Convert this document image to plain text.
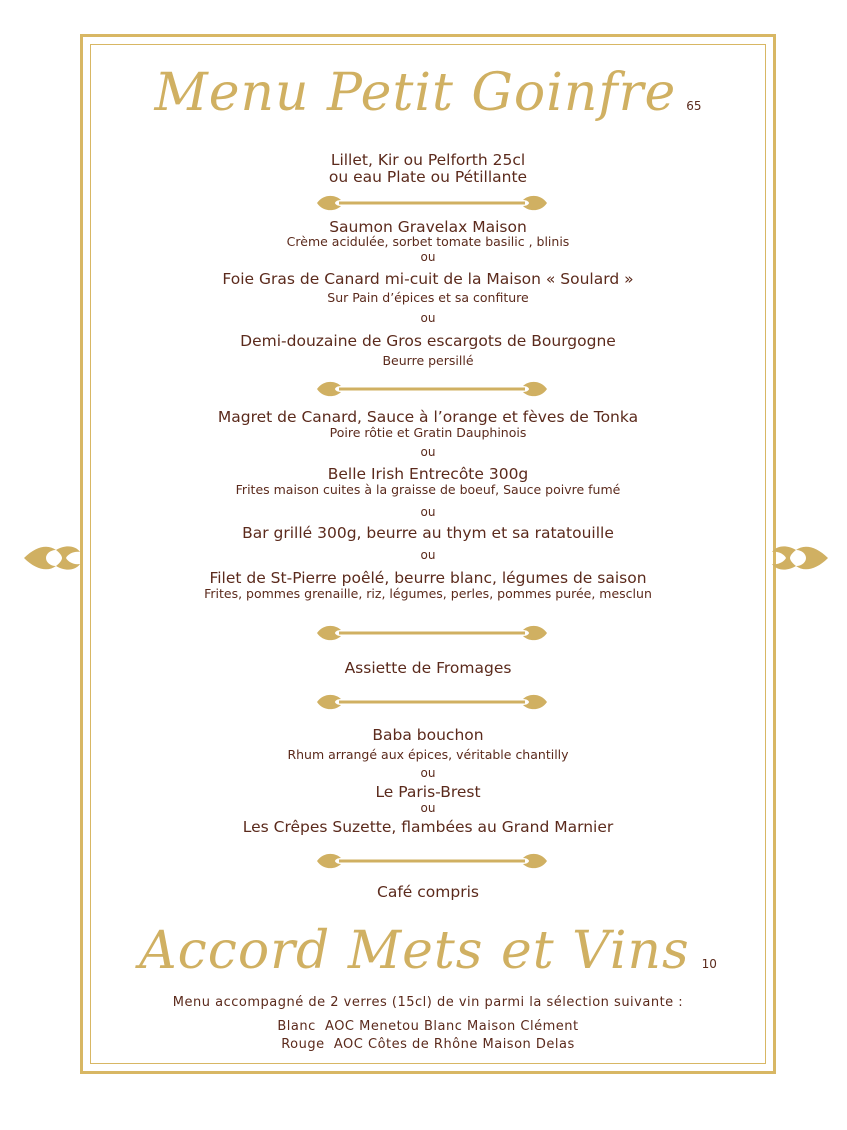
Menu Petit Goinfre 65
Lillet, Kir ou Pelforth 25cl
ou eau Plate ou Pétillante
Saumon Gravelax Maison
Crème acidulée, sorbet tomate basilic , blinis
ou
Foie Gras de Canard mi-cuit de la Maison « Soulard »
Sur Pain d’épices et sa confiture
ou
Demi-douzaine de Gros escargots de Bourgogne
Beurre persillé
Magret de Canard, Sauce à l’orange et fèves de Tonka
Poire rôtie et Gratin Dauphinois
ou
Belle Irish Entrecôte 300g
Frites maison cuites à la graisse de boeuf, Sauce poivre fumé
ou
Bar grillé 300g, beurre au thym et sa ratatouille
ou
Filet de St-Pierre poêlé, beurre blanc, légumes de saison
Frites, pommes grenaille, riz, légumes, perles, pommes purée, mesclun
Assiette de Fromages
Baba bouchon
Rhum arrangé aux épices, véritable chantilly
ou
Le Paris-Brest
ou
Les Crêpes Suzette, flambées au Grand Marnier
Café compris
Accord Mets et Vins 10
Menu accompagné de 2 verres (15cl) de vin parmi la sélection suivante :
Blanc AOC Menetou Blanc Maison Clément
Rouge AOC Côtes de Rhône Maison Delas
